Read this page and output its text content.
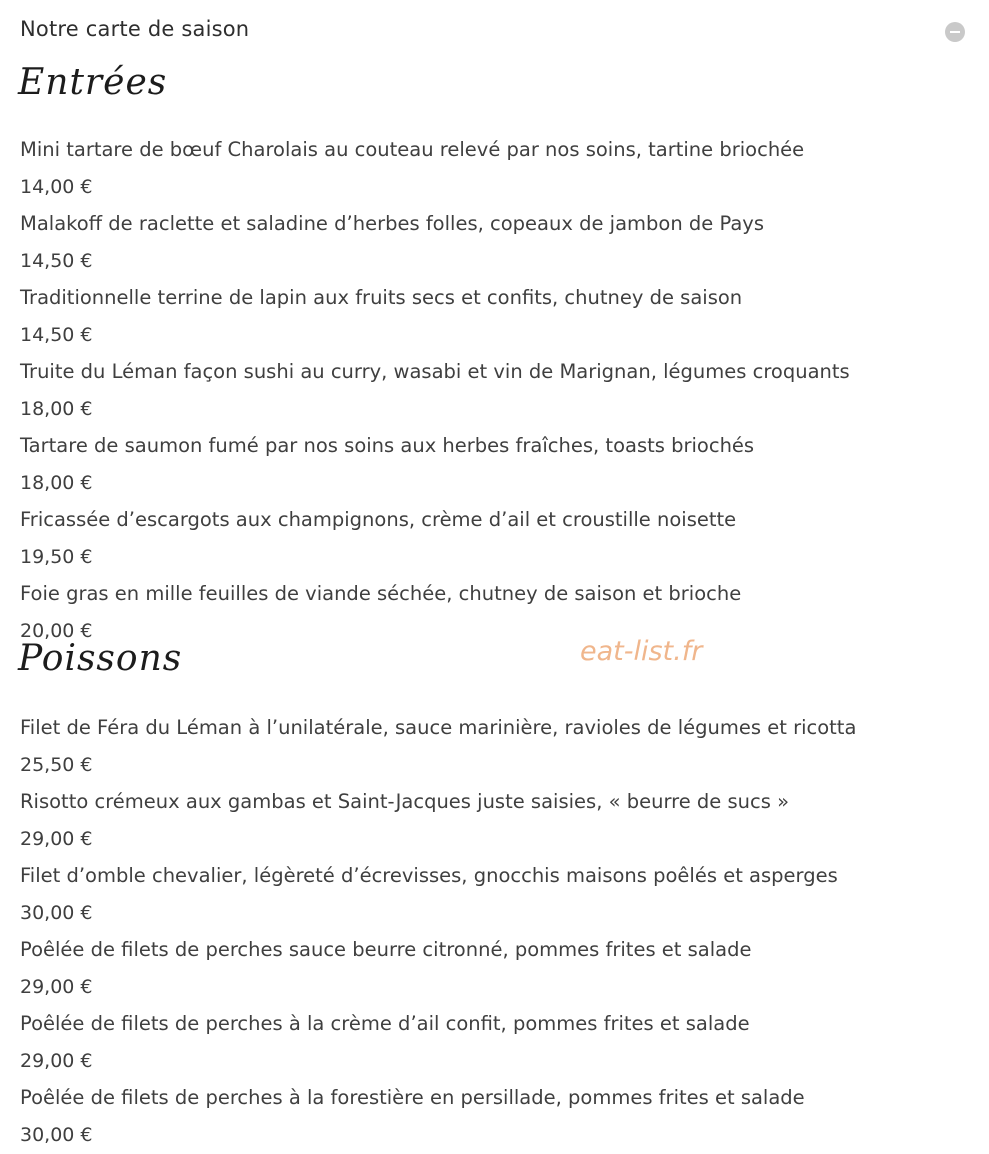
Notre carte de saison
Entrées
Mini tartare de bœuf Charolais au couteau relevé par nos soins, tartine briochée
14,00 €
Malakoff de raclette et saladine d’herbes folles, copeaux de jambon de Pays
14,50 €
Traditionnelle terrine de lapin aux fruits secs et confits, chutney de saison
14,50 €
Truite du Léman façon sushi au curry, wasabi et vin de Marignan, légumes croquants
18,00 €
Tartare de saumon fumé par nos soins aux herbes fraîches, toasts briochés
18,00 €
Fricassée d’escargots aux champignons, crème d’ail et croustille noisette
19,50 €
Foie gras en mille feuilles de viande séchée, chutney de saison et brioche
20,00 €
Poissons	eat-list.fr
Filet de Féra du Léman à l’unilatérale, sauce marinière, ravioles de légumes et ricotta
25,50 €
Risotto crémeux aux gambas et Saint-Jacques juste saisies, « beurre de sucs »
29,00 €
Filet d’omble chevalier, légèreté d’écrevisses, gnocchis maisons poêlés et asperges
30,00 €
Poêlée de filets de perches sauce beurre citronné, pommes frites et salade
29,00 €
Poêlée de filets de perches à la crème d’ail confit, pommes frites et salade
29,00 €
Poêlée de filets de perches à la forestière en persillade, pommes frites et salade
30,00 €
